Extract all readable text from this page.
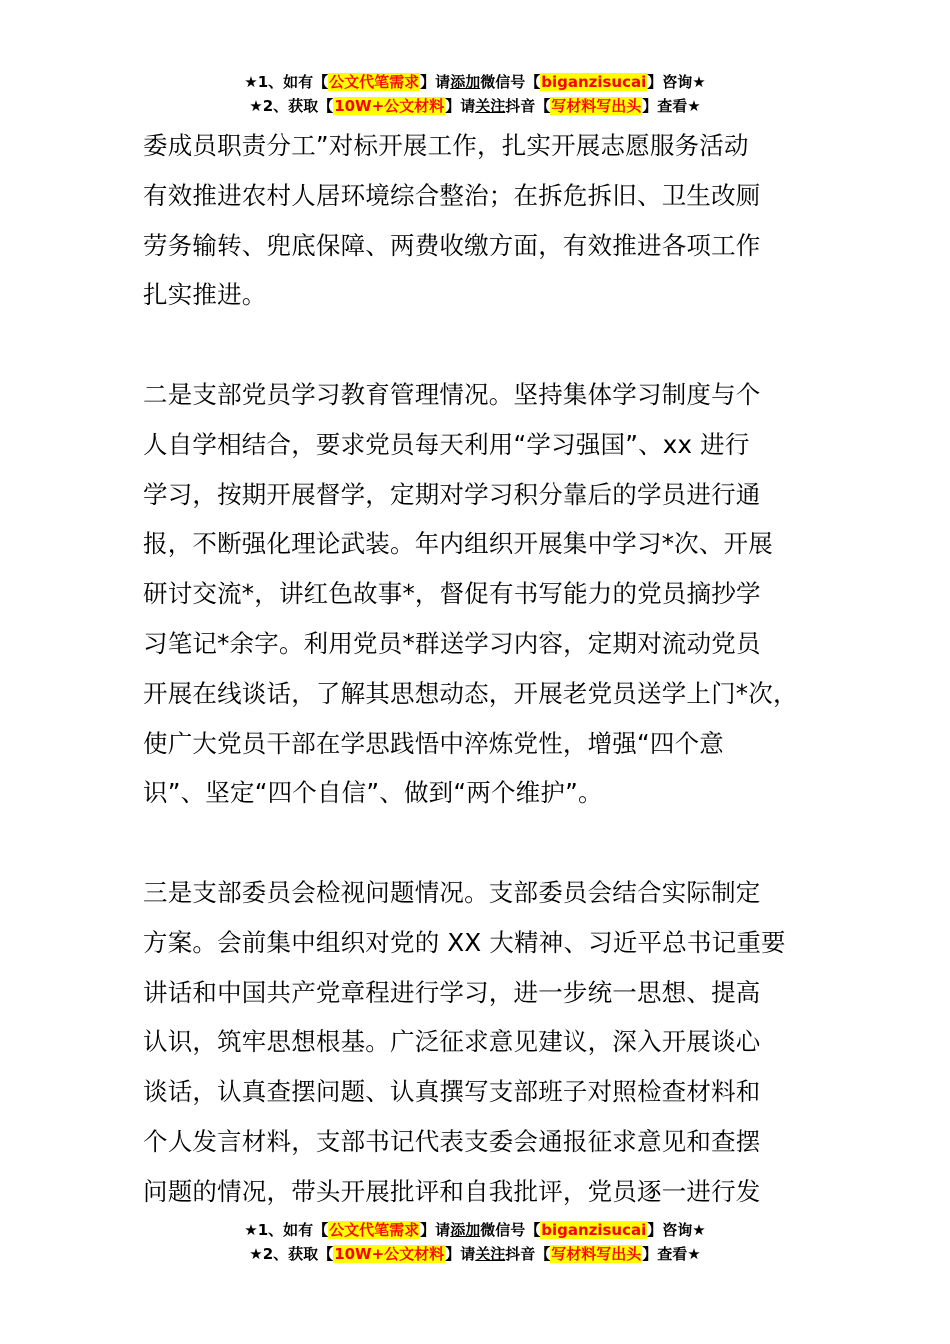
★1、如有【公文代笔需求】请添加微信号【biganzisucai】咨询★
★2、获取【10W+公文材料】请关注抖音【写材料写出头】查看★

委成员职责分工”对标开展工作，扎实开展志愿服务活动
有效推进农村人居环境综合整治；在拆危拆旧、卫生改厕
劳务输转、兜底保障、两费收缴方面，有效推进各项工作
扎实推进。

二是支部党员学习教育管理情况。坚持集体学习制度与个
人自学相结合，要求党员每天利用“学习强国”、xx 进行
学习，按期开展督学，定期对学习积分靠后的学员进行通
报，不断强化理论武装。年内组织开展集中学习*次、开展
研讨交流*，讲红色故事*，督促有书写能力的党员摘抄学
习笔记*余字。利用党员*群送学习内容，定期对流动党员
开展在线谈话，了解其思想动态，开展老党员送学上门*次，
使广大党员干部在学思践悟中淬炼党性，增强“四个意
识”、坚定“四个自信”、做到“两个维护”。

三是支部委员会检视问题情况。支部委员会结合实际制定
方案。会前集中组织对党的 XX 大精神、习近平总书记重要
讲话和中国共产党章程进行学习，进一步统一思想、提高
认识，筑牢思想根基。广泛征求意见建议，深入开展谈心
谈话，认真查摆问题、认真撰写支部班子对照检查材料和
个人发言材料，支部书记代表支委会通报征求意见和查摆
问题的情况，带头开展批评和自我批评，党员逐一进行发

★1、如有【公文代笔需求】请添加微信号【biganzisucai】咨询★
★2、获取【10W+公文材料】请关注抖音【写材料写出头】查看★
